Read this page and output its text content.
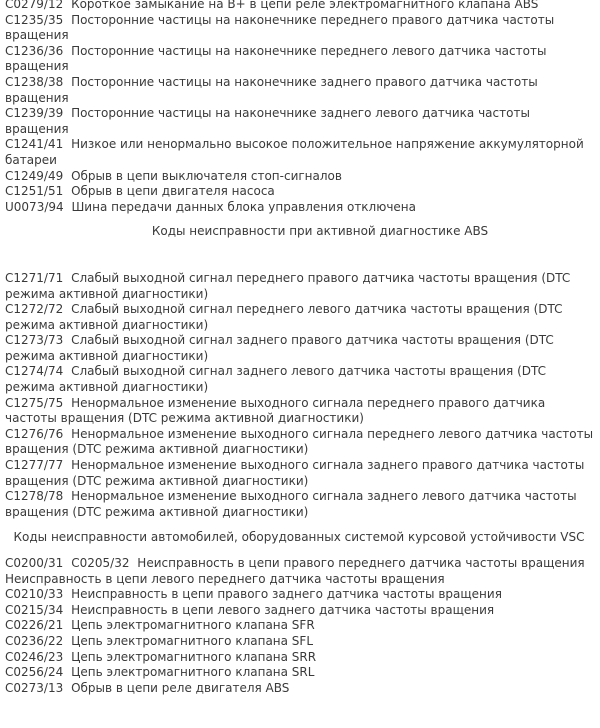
C0279/12 Короткое замыкание на В+ в цепи реле электромагнитного клапана ABS

C1235/35 Посторонние частицы на наконечнике переднего правого датчика частоты вращения

C1236/36 Посторонние частицы на наконечнике переднего левого датчика частоты вращения

C1238/38 Посторонние частицы на наконечнике заднего правого датчика частоты вращения

C1239/39 Посторонние частицы на наконечнике заднего левого датчика частоты вращения

C1241/41 Низкое или ненормально высокое положительное напряжение аккумуляторной батареи

C1249/49 Обрыв в цепи выключателя стоп-сигналов

C1251/51 Обрыв в цепи двигателя насоса

U0073/94 Шина передачи данных блока управления отключена

Коды неисправности при активной диагностике ABS

C1271/71 Слабый выходной сигнал переднего правого датчика частоты вращения (DTC режима активной диагностики)

C1272/72 Слабый выходной сигнал переднего левого датчика частоты вращения (DTC режима активной диагностики)

C1273/73 Слабый выходной сигнал заднего правого датчика частоты вращения (DTC режима активной диагностики)

C1274/74 Слабый выходной сигнал заднего левого датчика частоты вращения (DTC режима активной диагностики)

C1275/75 Ненормальное изменение выходного сигнала переднего правого датчика частоты вращения (DTC режима активной диагностики)

C1276/76 Ненормальное изменение выходного сигнала переднего левого датчика частоты вращения (DTC режима активной диагностики)

C1277/77 Ненормальное изменение выходного сигнала заднего правого датчика частоты вращения (DTC режима активной диагностики)

C1278/78 Ненормальное изменение выходного сигнала заднего левого датчика частоты вращения (DTC режима активной диагностики)

Коды неисправности автомобилей, оборудованных системой курсовой устойчивости VSC

C0200/31 C0205/32 Неисправность в цепи правого переднего датчика частоты вращения Неисправность в цепи левого переднего датчика частоты вращения

C0210/33 Неисправность в цепи правого заднего датчика частоты вращения

C0215/34 Неисправность в цепи левого заднего датчика частоты вращения

C0226/21 Цепь электромагнитного клапана SFR

C0236/22 Цепь электромагнитного клапана SFL

C0246/23 Цепь электромагнитного клапана SRR

C0256/24 Цепь электромагнитного клапана SRL

C0273/13 Обрыв в цепи реле двигателя ABS
